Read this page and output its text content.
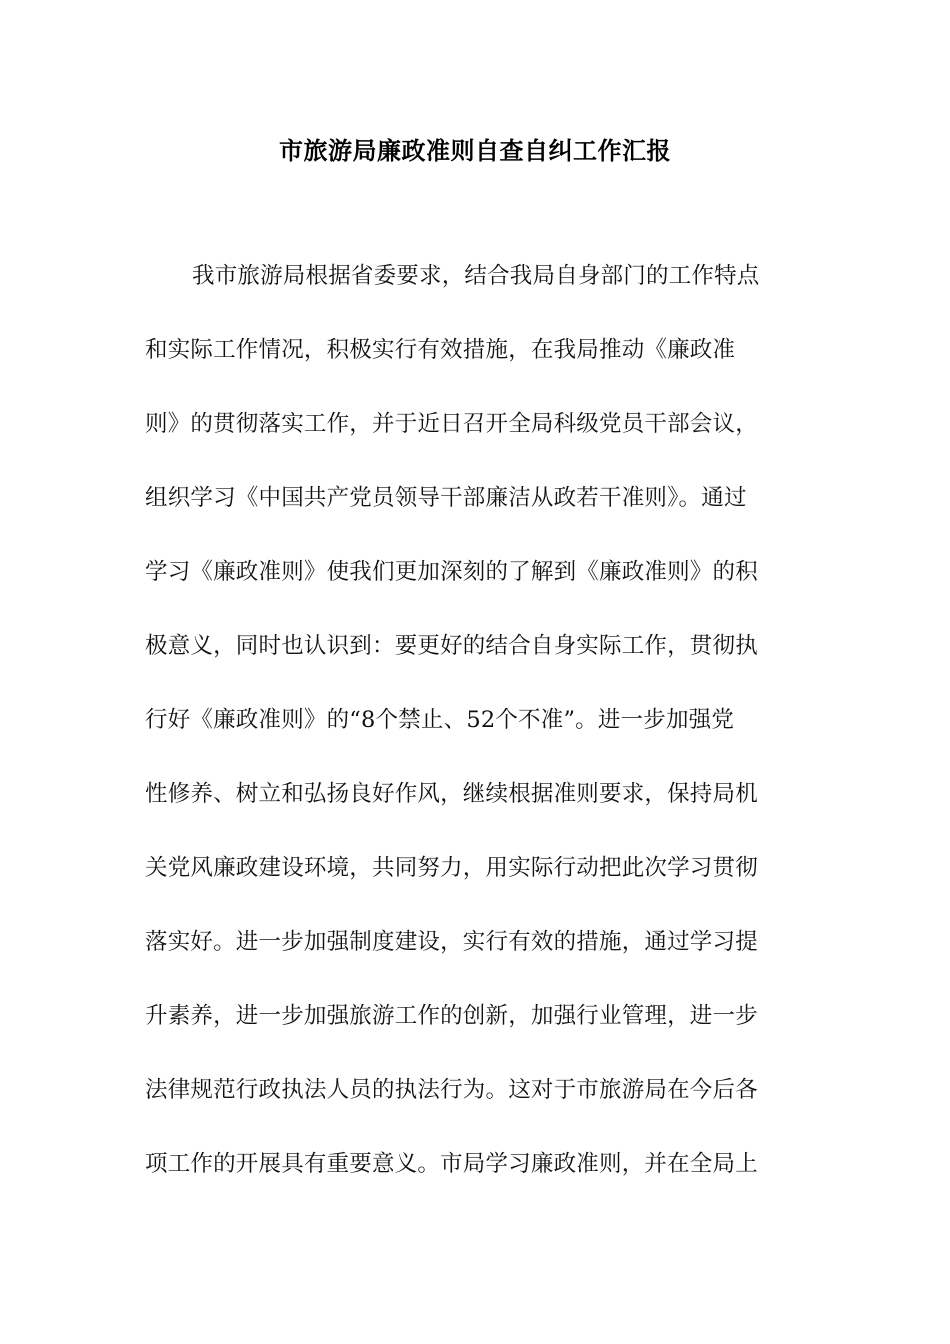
市旅游局廉政准则自查自纠工作汇报
我市旅游局根据省委要求，结合我局自身部门的工作特点
和实际工作情况，积极实行有效措施，在我局推动《廉政准
则》的贯彻落实工作，并于近日召开全局科级党员干部会议，
组织学习《中国共产党员领导干部廉洁从政若干准则》。通过
学习《廉政准则》使我们更加深刻的了解到《廉政准则》的积
极意义，同时也认识到：要更好的结合自身实际工作，贯彻执
行好《廉政准则》的“8个禁止、52个不准”。进一步加强党
性修养、树立和弘扬良好作风，继续根据准则要求，保持局机
关党风廉政建设环境，共同努力，用实际行动把此次学习贯彻
落实好。进一步加强制度建设，实行有效的措施，通过学习提
升素养，进一步加强旅游工作的创新，加强行业管理，进一步
法律规范行政执法人员的执法行为。这对于市旅游局在今后各
项工作的开展具有重要意义。市局学习廉政准则，并在全局上
